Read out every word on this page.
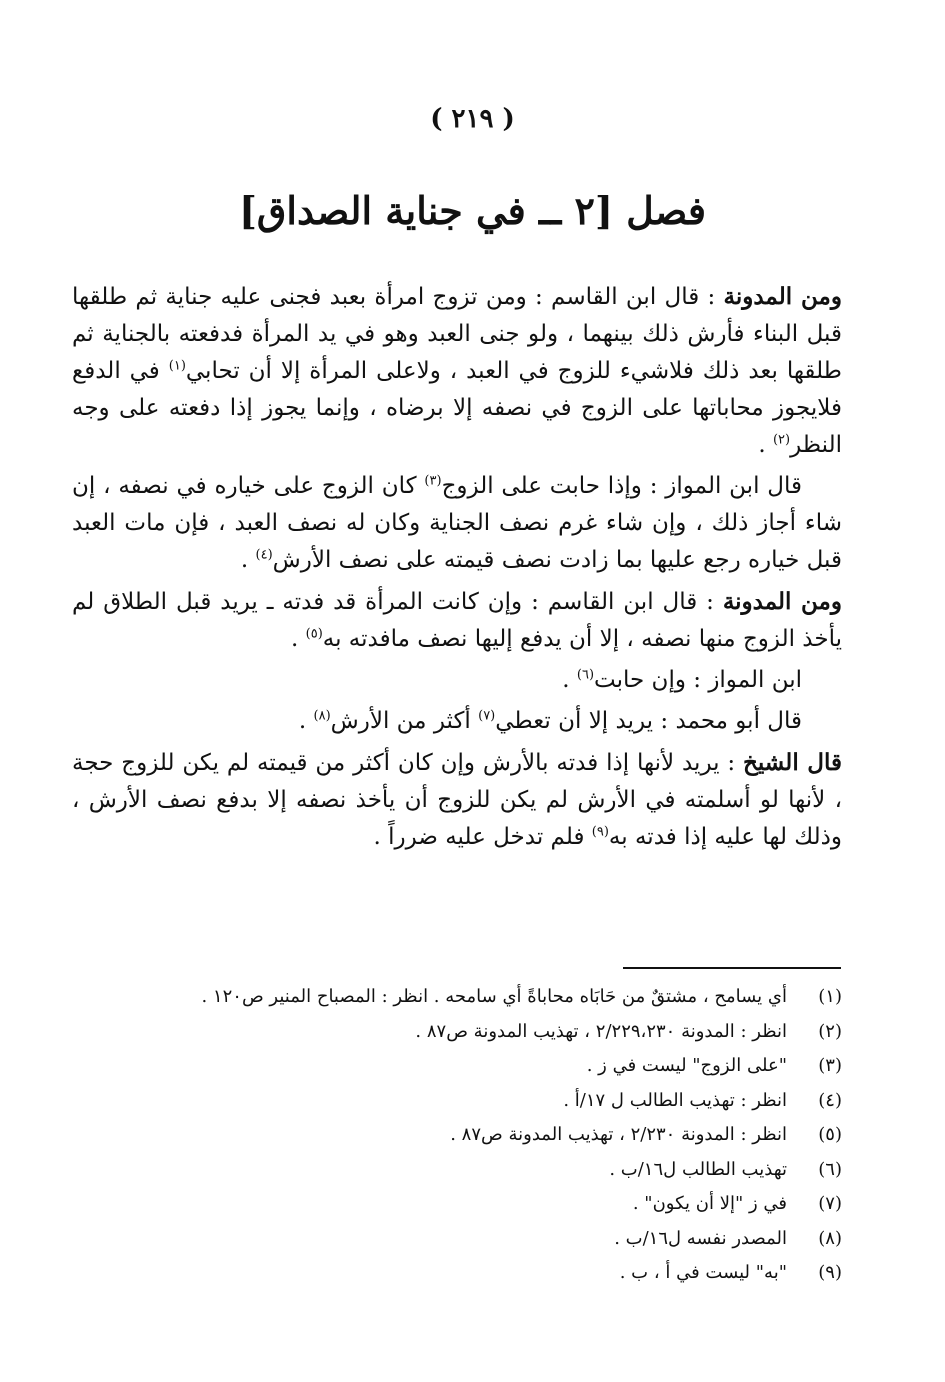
( ٢١٩ )
فصل [٢ ــ في جناية الصداق]

ومن المدونة : قال ابن القاسم : ومن تزوج امرأة بعبد فجنى عليه جناية ثم طلقها قبل البناء فأرش ذلك بينهما ، ولو جنى العبد وهو في يد المرأة فدفعته بالجناية ثم طلقها بعد ذلك فلاشيء للزوج في العبد ، ولاعلى المرأة إلا أن تحابي$^{(١)}$ في الدفع فلايجوز محاباتها على الزوج في نصفه إلا برضاه ، وإنما يجوز إذا دفعته على وجه النظر$^{(٢)}$ .

قال ابن المواز : وإذا حابت على الزوج$^{(٣)}$ كان الزوج على خياره في نصفه ، إن شاء أجاز ذلك ، وإن شاء غرم نصف الجناية وكان له نصف العبد ، فإن مات العبد قبل خياره رجع عليها بما زادت نصف قيمته على نصف الأرش$^{(٤)}$ .

ومن المدونة : قال ابن القاسم : وإن كانت المرأة قد فدته ـ يريد قبل الطلاق لم يأخذ الزوج منها نصفه ، إلا أن يدفع إليها نصف مافدته به$^{(٥)}$ .

ابن المواز : وإن حابت$^{(٦)}$ .

قال أبو محمد : يريد إلا أن تعطي$^{(٧)}$ أكثر من الأرش$^{(٨)}$ .

قال الشيخ : يريد لأنها إذا فدته بالأرش وإن كان أكثر من قيمته لم يكن للزوج حجة ، لأنها لو أسلمته في الأرش لم يكن للزوج أن يأخذ نصفه إلا بدفع نصف الأرش ، وذلك لها عليه إذا فدته به$^{(٩)}$ فلم تدخل عليه ضرراً .

(١)
أي يسامح ، مشتقٌ من حَابَاه محاباةً أي سامحه . انظر : المصباح المنير ص١٢٠ .
(٢)
انظر : المدونة ٢/٢٢٩،٢٣٠ ، تهذيب المدونة ص٨٧ .
(٣)
"على الزوج" ليست في ز .
(٤)
انظر : تهذيب الطالب ل ١٧/أ .
(٥)
انظر : المدونة ٢/٢٣٠ ، تهذيب المدونة ص٨٧ .
(٦)
تهذيب الطالب ل١٦/ب .
(٧)
في ز "إلا أن يكون" .
(٨)
المصدر نفسه ل١٦/ب .
(٩)
"به" ليست في أ ، ب .
